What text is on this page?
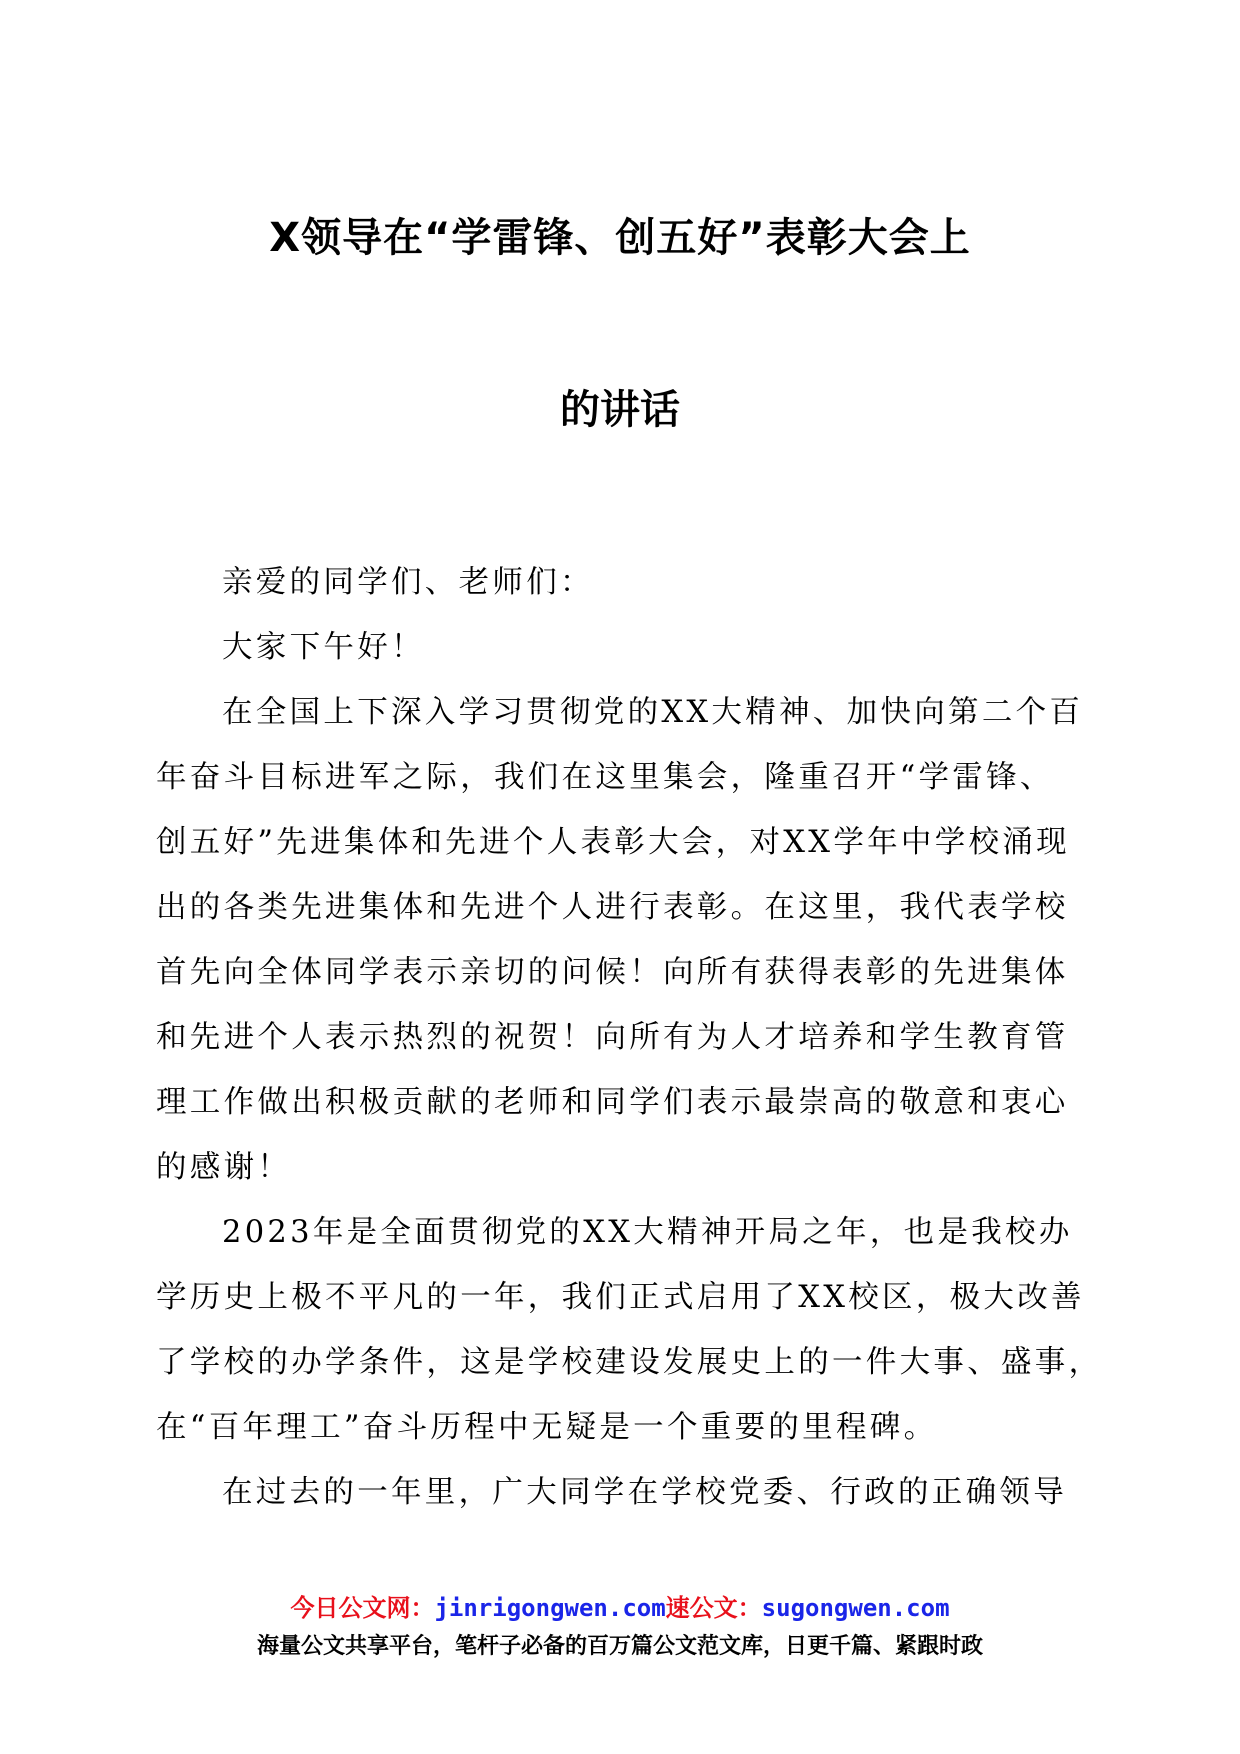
X领导在“学雷锋、创五好”表彰大会上
的讲话
亲爱的同学们、老师们：
大家下午好！
在全国上下深入学习贯彻党的XX大精神、加快向第二个百
年奋斗目标进军之际，我们在这里集会，隆重召开“学雷锋、
创五好”先进集体和先进个人表彰大会，对XX学年中学校涌现
出的各类先进集体和先进个人进行表彰。在这里，我代表学校
首先向全体同学表示亲切的问候！向所有获得表彰的先进集体
和先进个人表示热烈的祝贺！向所有为人才培养和学生教育管
理工作做出积极贡献的老师和同学们表示最崇高的敬意和衷心
的感谢！
2023年是全面贯彻党的XX大精神开局之年，也是我校办
学历史上极不平凡的一年，我们正式启用了XX校区，极大改善
了学校的办学条件，这是学校建设发展史上的一件大事、盛事，
在“百年理工”奋斗历程中无疑是一个重要的里程碑。
在过去的一年里，广大同学在学校党委、行政的正确领导
今日公文网：jinrigongwen.com速公文：sugongwen.com
海量公文共享平台，笔杆子必备的百万篇公文范文库，日更千篇、紧跟时政
